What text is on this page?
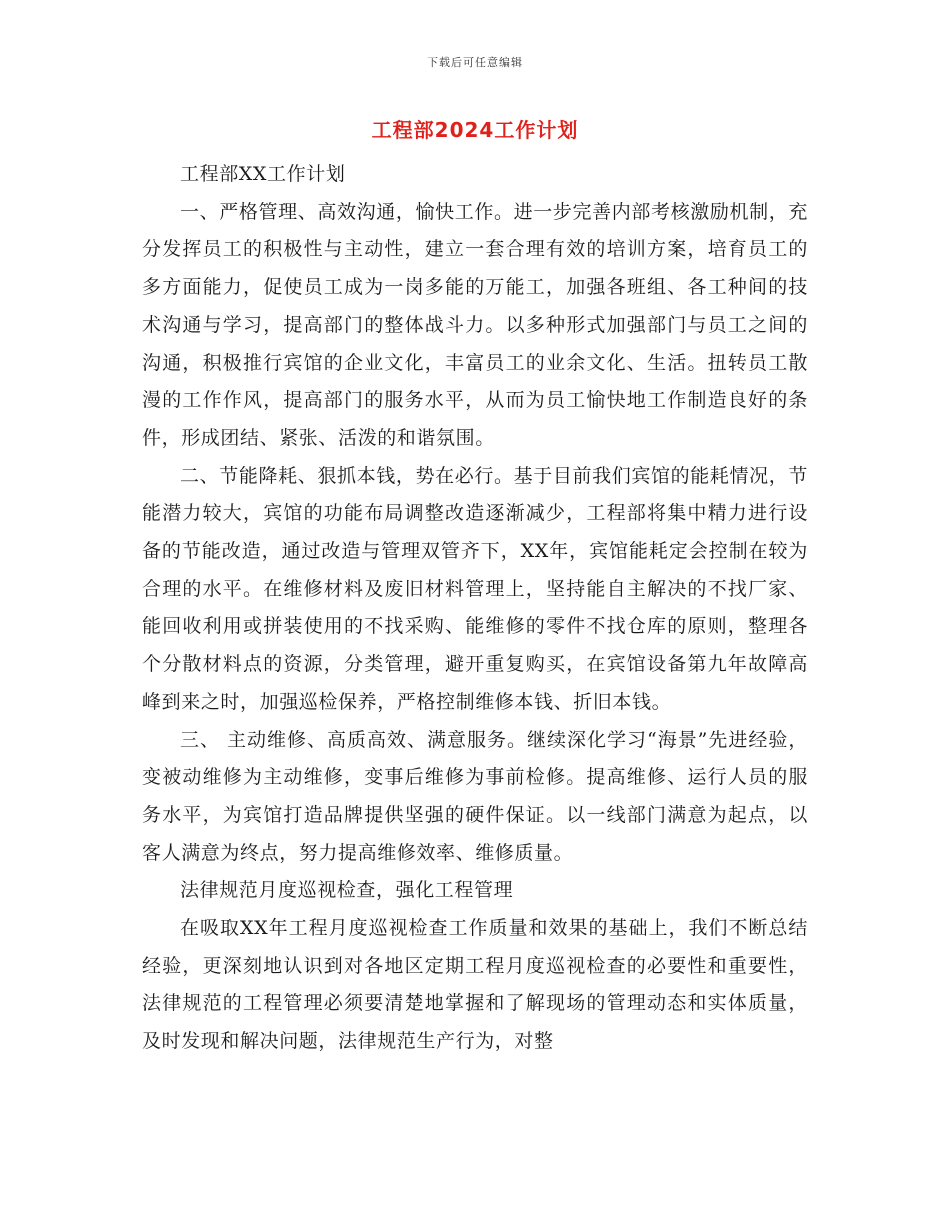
下载后可任意编辑
工程部2024工作计划

工程部XX工作计划

一、严格管理、高效沟通，愉快工作。进一步完善内部考核激励机制，充分发挥员工的积极性与主动性，建立一套合理有效的培训方案，培育员工的多方面能力，促使员工成为一岗多能的万能工，加强各班组、各工种间的技术沟通与学习，提高部门的整体战斗力。以多种形式加强部门与员工之间的沟通，积极推行宾馆的企业文化，丰富员工的业余文化、生活。扭转员工散漫的工作作风，提高部门的服务水平，从而为员工愉快地工作制造良好的条件，形成团结、紧张、活泼的和谐氛围。

二、节能降耗、狠抓本钱，势在必行。基于目前我们宾馆的能耗情况，节能潜力较大，宾馆的功能布局调整改造逐渐减少，工程部将集中精力进行设备的节能改造，通过改造与管理双管齐下，XX年，宾馆能耗定会控制在较为合理的水平。在维修材料及废旧材料管理上，坚持能自主解决的不找厂家、能回收利用或拼装使用的不找采购、能维修的零件不找仓库的原则，整理各个分散材料点的资源，分类管理，避开重复购买，在宾馆设备第九年故障高峰到来之时，加强巡检保养，严格控制维修本钱、折旧本钱。

三、 主动维修、高质高效、满意服务。继续深化学习“海景”先进经验，变被动维修为主动维修，变事后维修为事前检修。提高维修、运行人员的服务水平，为宾馆打造品牌提供坚强的硬件保证。以一线部门满意为起点，以客人满意为终点，努力提高维修效率、维修质量。

法律规范月度巡视检查，强化工程管理

在吸取XX年工程月度巡视检查工作质量和效果的基础上，我们不断总结经验，更深刻地认识到对各地区定期工程月度巡视检查的必要性和重要性，法律规范的工程管理必须要清楚地掌握和了解现场的管理动态和实体质量，及时发现和解决问题，法律规范生产行为，对整
